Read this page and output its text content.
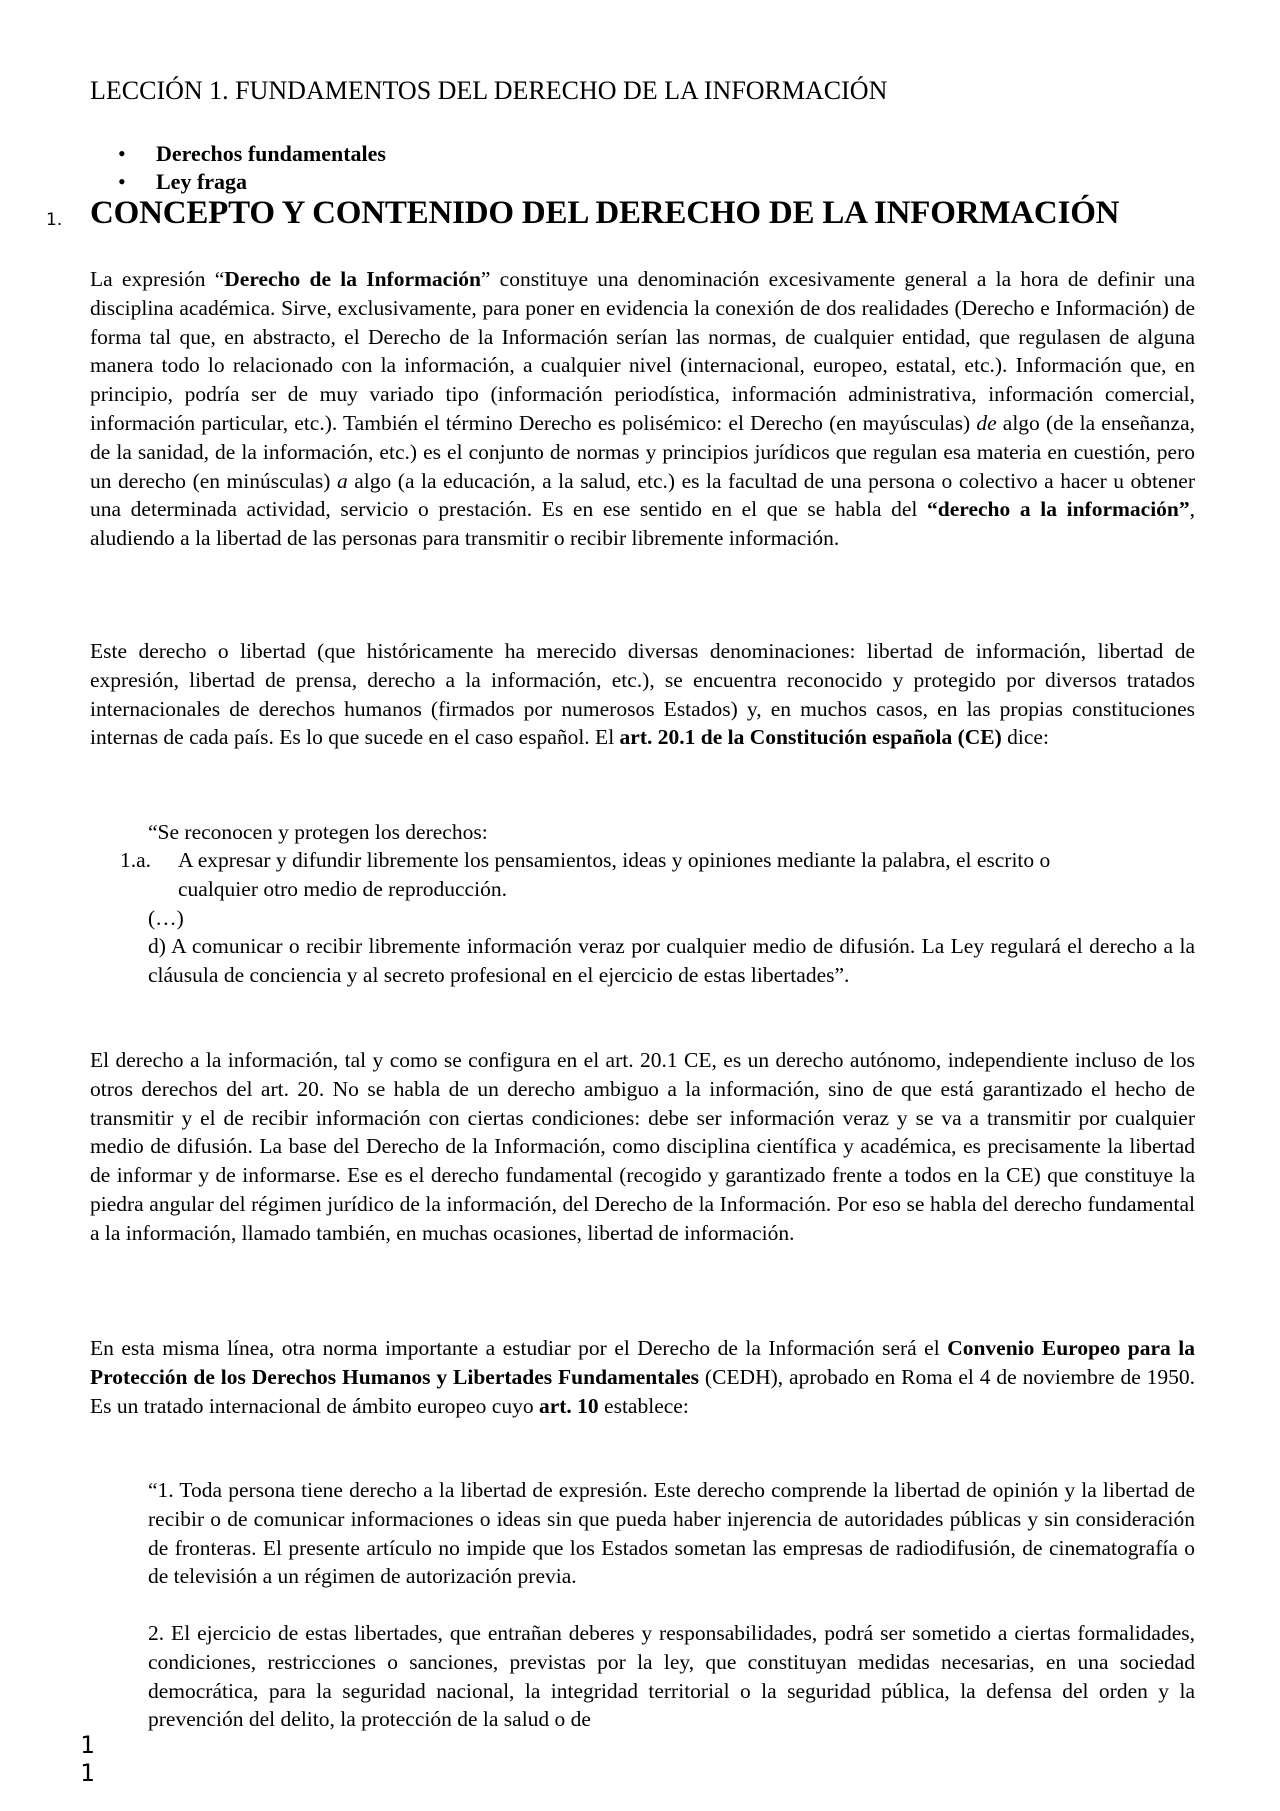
LECCIÓN 1. FUNDAMENTOS DEL DERECHO DE LA INFORMACIÓN
• Derechos fundamentales
• Ley fraga
1. CONCEPTO Y CONTENIDO DEL DERECHO DE LA INFORMACIÓN

La expresión “Derecho de la Información” constituye una denominación excesivamente general a la hora de definir una disciplina académica. Sirve, exclusivamente, para poner en evidencia la conexión de dos realidades (Derecho e Información) de forma tal que, en abstracto, el Derecho de la Información serían las normas, de cualquier entidad, que regulasen de alguna manera todo lo relacionado con la información, a cualquier nivel (internacional, europeo, estatal, etc.). Información que, en principio, podría ser de muy variado tipo (información periodística, información administrativa, información comercial, información particular, etc.). También el término Derecho es polisémico: el Derecho (en mayúsculas) de algo (de la enseñanza, de la sanidad, de la información, etc.) es el conjunto de normas y principios jurídicos que regulan esa materia en cuestión, pero un derecho (en minúsculas) a algo (a la educación, a la salud, etc.) es la facultad de una persona o colectivo a hacer u obtener una determinada actividad, servicio o prestación. Es en ese sentido en el que se habla del “derecho a la información”, aludiendo a la libertad de las personas para transmitir o recibir libremente información.

Este derecho o libertad (que históricamente ha merecido diversas denominaciones: libertad de información, libertad de expresión, libertad de prensa, derecho a la información, etc.), se encuentra reconocido y protegido por diversos tratados internacionales de derechos humanos (firmados por numerosos Estados) y, en muchos casos, en las propias constituciones internas de cada país. Es lo que sucede en el caso español. El art. 20.1 de la Constitución española (CE) dice:

“Se reconocen y protegen los derechos:

1.a. A expresar y difundir libremente los pensamientos, ideas y opiniones mediante la palabra, el escrito o cualquier otro medio de reproducción.

(…)

d) A comunicar o recibir libremente información veraz por cualquier medio de difusión. La Ley regulará el derecho a la cláusula de conciencia y al secreto profesional en el ejercicio de estas libertades”.

El derecho a la información, tal y como se configura en el art. 20.1 CE, es un derecho autónomo, independiente incluso de los otros derechos del art. 20. No se habla de un derecho ambiguo a la información, sino de que está garantizado el hecho de transmitir y el de recibir información con ciertas condiciones: debe ser información veraz y se va a transmitir por cualquier medio de difusión. La base del Derecho de la Información, como disciplina científica y académica, es precisamente la libertad de informar y de informarse. Ese es el derecho fundamental (recogido y garantizado frente a todos en la CE) que constituye la piedra angular del régimen jurídico de la información, del Derecho de la Información. Por eso se habla del derecho fundamental a la información, llamado también, en muchas ocasiones, libertad de información.

En esta misma línea, otra norma importante a estudiar por el Derecho de la Información será el Convenio Europeo para la Protección de los Derechos Humanos y Libertades Fundamentales (CEDH), aprobado en Roma el 4 de noviembre de 1950. Es un tratado internacional de ámbito europeo cuyo art. 10 establece:

“1. Toda persona tiene derecho a la libertad de expresión. Este derecho comprende la libertad de opinión y la libertad de recibir o de comunicar informaciones o ideas sin que pueda haber injerencia de autoridades públicas y sin consideración de fronteras. El presente artículo no impide que los Estados sometan las empresas de radiodifusión, de cinematografía o de televisión a un régimen de autorización previa.

2. El ejercicio de estas libertades, que entrañan deberes y responsabilidades, podrá ser sometido a ciertas formalidades, condiciones, restricciones o sanciones, previstas por la ley, que constituyan medidas necesarias, en una sociedad democrática, para la seguridad nacional, la integridad territorial o la seguridad pública, la defensa del orden y la prevención del delito, la protección de la salud o de

1
1
